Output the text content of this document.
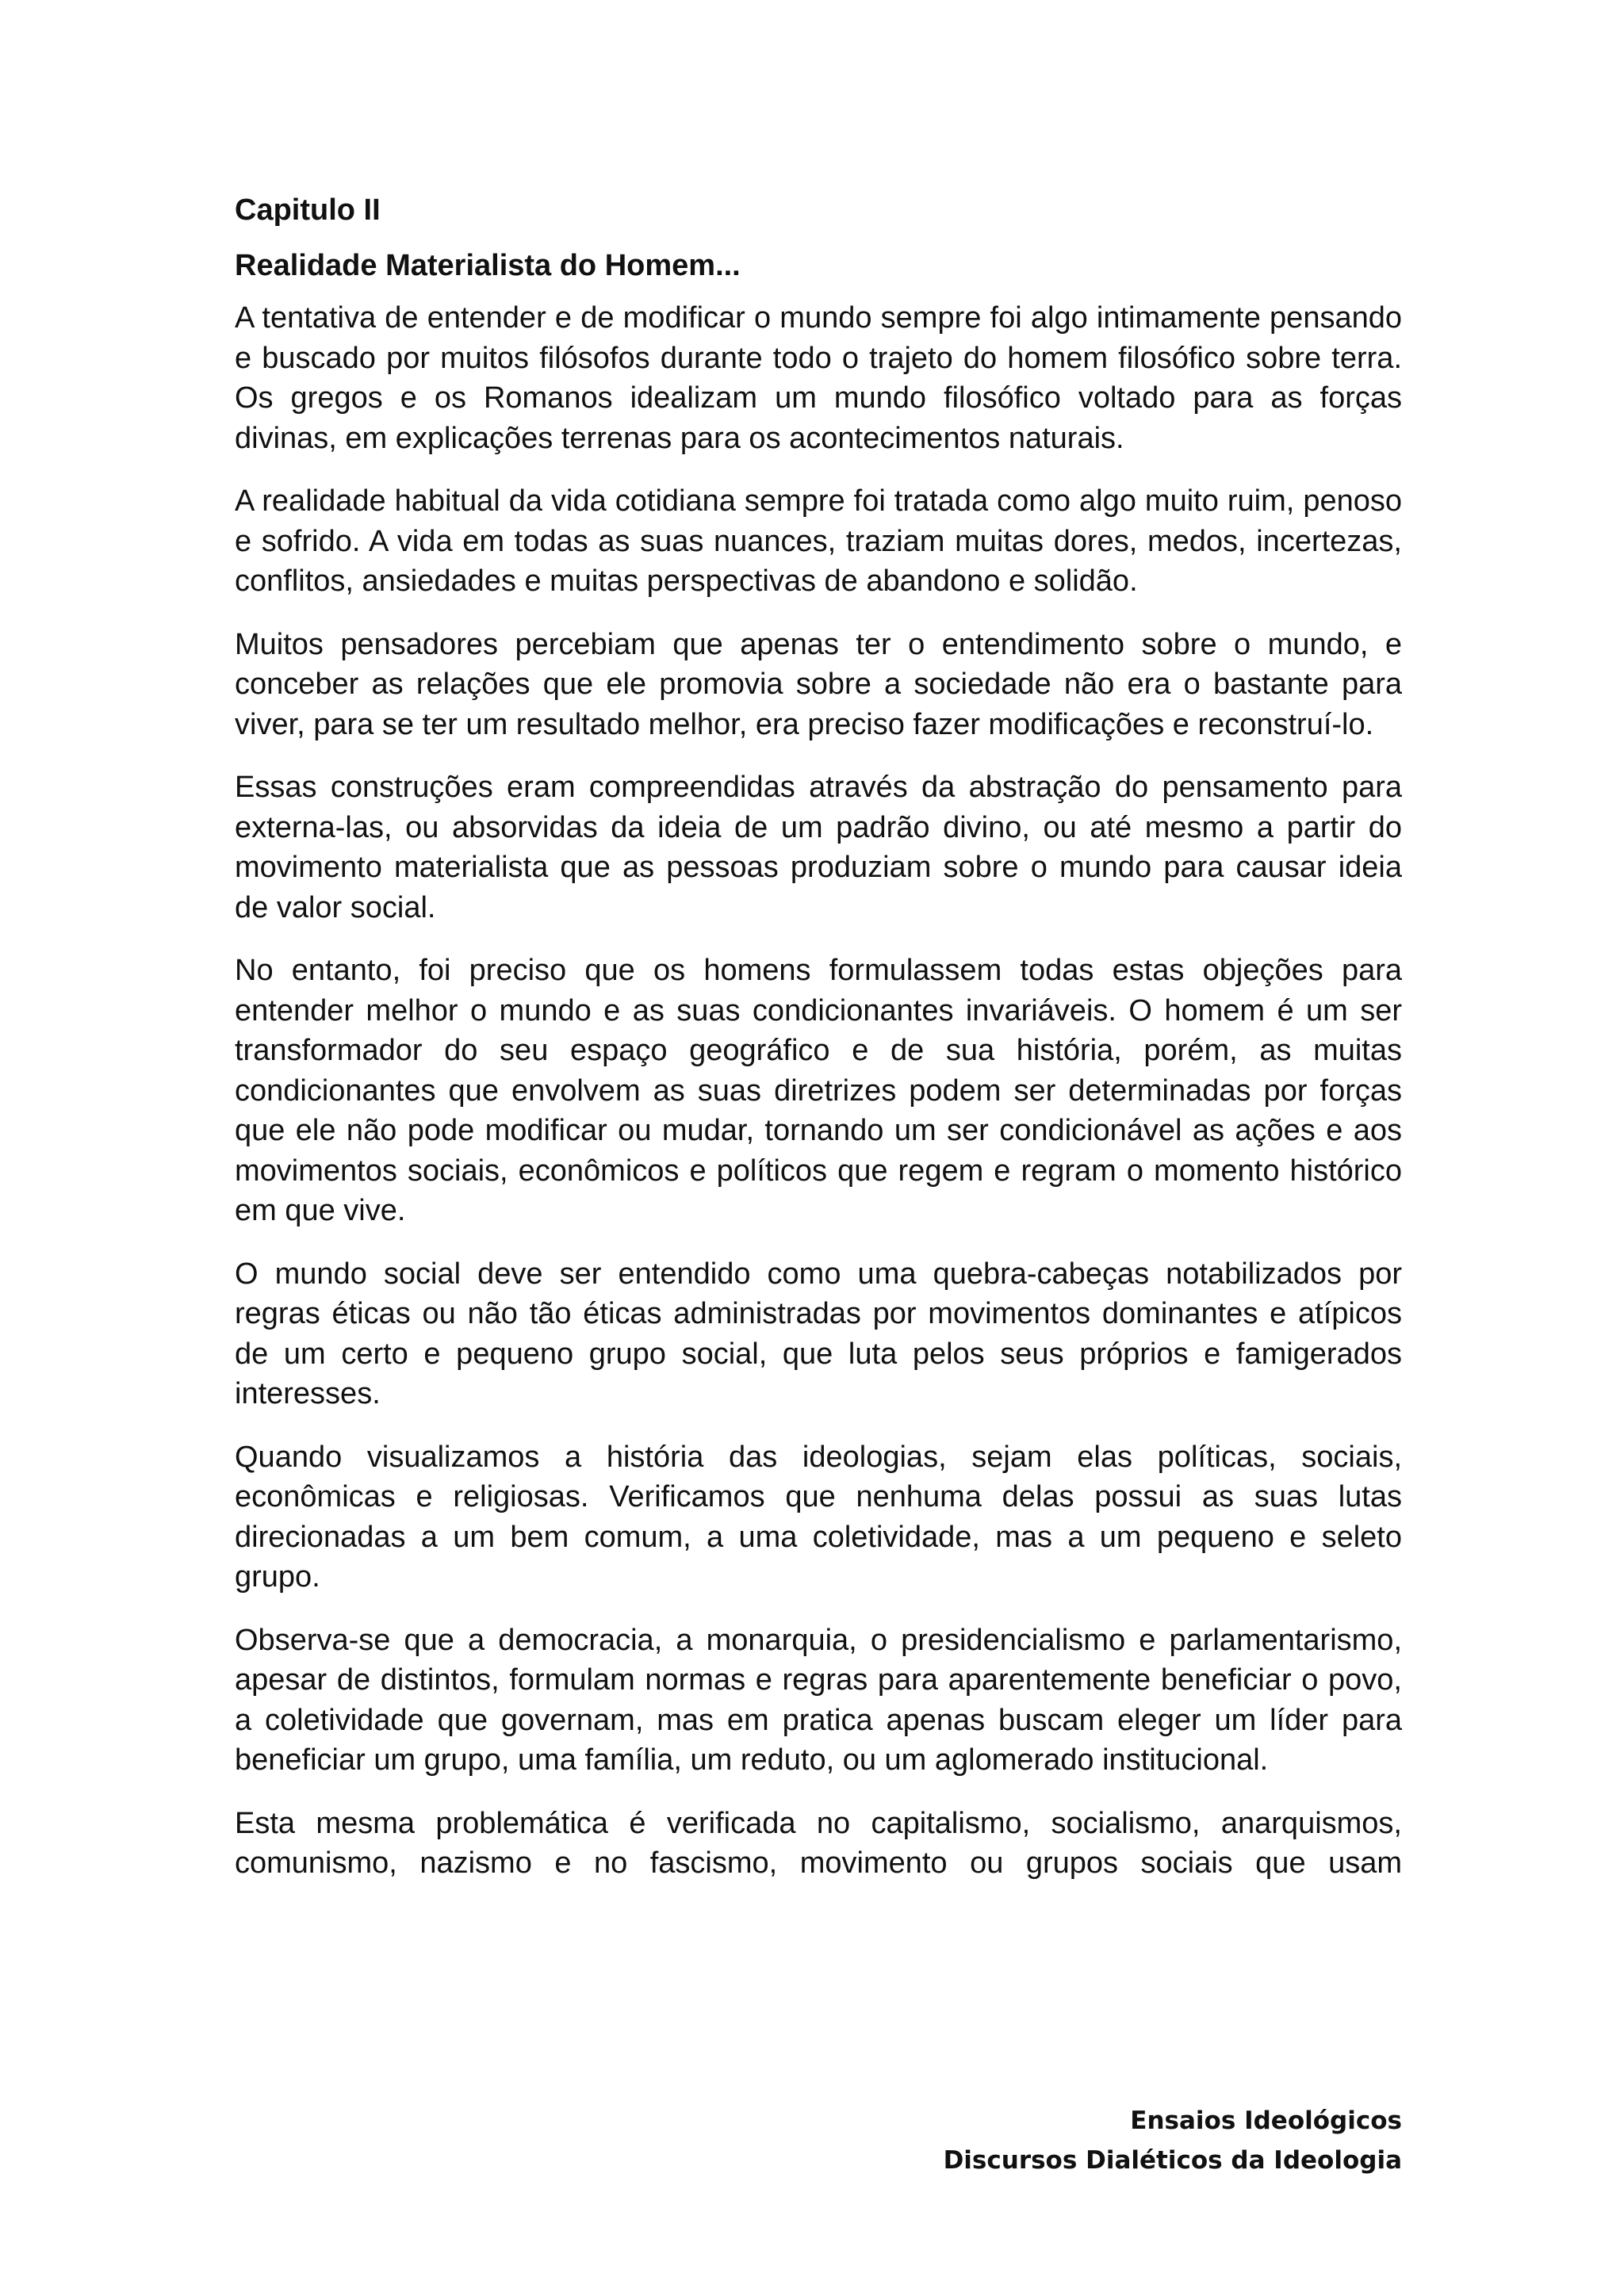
Capitulo II
Realidade Materialista do Homem...

A tentativa de entender e de modificar o mundo sempre foi algo intimamente pensando e buscado por muitos filósofos durante todo o trajeto do homem filosófico sobre terra. Os gregos e os Romanos idealizam um mundo filosófico voltado para as forças divinas, em explicações terrenas para os acontecimentos naturais.

A realidade habitual da vida cotidiana sempre foi tratada como algo muito ruim, penoso e sofrido. A vida em todas as suas nuances, traziam muitas dores, medos, incertezas, conflitos, ansiedades e muitas perspectivas de abandono e solidão.

Muitos pensadores percebiam que apenas ter o entendimento sobre o mundo, e conceber as relações que ele promovia sobre a sociedade não era o bastante para viver, para se ter um resultado melhor, era preciso fazer modificações e reconstruí-lo.

Essas construções eram compreendidas através da abstração do pensamento para externa-las, ou absorvidas da ideia de um padrão divino, ou até mesmo a partir do movimento materialista que as pessoas produziam sobre o mundo para causar ideia de valor social.

No entanto, foi preciso que os homens formulassem todas estas objeções para entender melhor o mundo e as suas condicionantes invariáveis. O homem é um ser transformador do seu espaço geográfico e de sua história, porém, as muitas condicionantes que envolvem as suas diretrizes podem ser determinadas por forças que ele não pode modificar ou mudar, tornando um ser condicionável as ações e aos movimentos sociais, econômicos e políticos que regem e regram o momento histórico em que vive.

O mundo social deve ser entendido como uma quebra-cabeças notabilizados por regras éticas ou não tão éticas administradas por movimentos dominantes e atípicos de um certo e pequeno grupo social, que luta pelos seus próprios e famigerados interesses.

Quando visualizamos a história das ideologias, sejam elas políticas, sociais, econômicas e religiosas. Verificamos que nenhuma delas possui as suas lutas direcionadas a um bem comum, a uma coletividade, mas a um pequeno e seleto grupo.

Observa-se que a democracia, a monarquia, o presidencialismo e parlamentarismo, apesar de distintos, formulam normas e regras para aparentemente beneficiar o povo, a coletividade que governam, mas em pratica apenas buscam eleger um líder para beneficiar um grupo, uma família, um reduto, ou um aglomerado institucional.

Esta mesma problemática é verificada no capitalismo, socialismo, anarquismos, comunismo, nazismo e no fascismo, movimento ou grupos sociais que usam

Ensaios Ideológicos
Discursos Dialéticos da Ideologia
